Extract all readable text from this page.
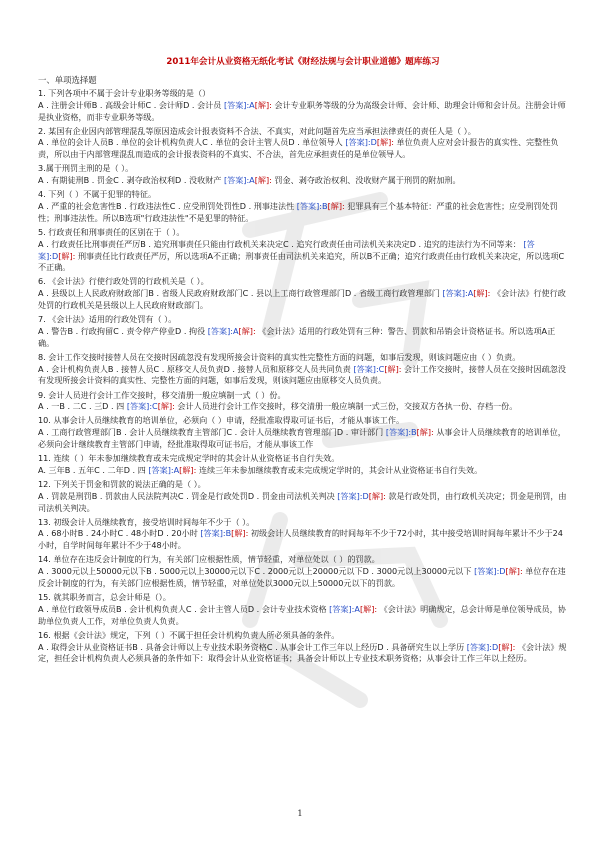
2011年会计从业资格无纸化考试《财经法规与会计职业道德》题库练习
一、单项选择题
1. 下列各项中不属于会计专业职务等级的是（）
A . 注册会计师B . 高级会计师C . 会计师D . 会计员 [答案]:A[解]: 会计专业职务等级的分为高级会计师、会计师、助理会计师和会计员。注册会计师是执业资格，而非专业职务等级。
2. 某国有企业因内部管理混乱等原因造成会计报表资料不合法、不真实，对此问题首先应当承担法律责任的责任人是（ ）。
A . 单位的会计人员B . 单位的会计机构负责人C . 单位的会计主管人员D . 单位领导人 [答案]:D[解]: 单位负责人应对会计报告的真实性、完整性负责，所以由于内部管理混乱而造成的会计报表资料的不真实、不合法，首先应承担责任的是单位领导人。
3.属于刑罚主刑的是（ ）。
A . 有期徒刑B . 罚金C . 剥夺政治权利D . 没收财产 [答案]:A[解]: 罚金、剥夺政治权利、没收财产属于刑罚的附加刑。
4. 下列（ ）不属于犯罪的特征。
A . 严重的社会危害性B . 行政违法性C . 应受刑罚处罚性D . 刑事违法性 [答案]:B[解]: 犯罪具有三个基本特征：严重的社会危害性；应受刑罚处罚性；刑事违法性。所以B选项"行政违法性"不是犯罪的特征。
5. 行政责任和刑事责任的区别在于（ ）。
A . 行政责任比刑事责任严厉B . 追究刑事责任只能由行政机关来决定C . 追究行政责任由司法机关来决定D . 追究的违法行为不同等来： [答案]:D[解]: 刑事责任比行政责任严厉，所以选项A不正确；刑事责任由司法机关来追究，所以B不正确；追究行政责任由行政机关来决定，所以选项C不正确。
6. 《会计法》行使行政处罚的行政机关是（ ）。
A . 县级以上人民政府财政部门B . 省级人民政府财政部门C . 县以上工商行政管理部门D . 省级工商行政管理部门 [答案]:A[解]: 《会计法》行使行政处罚的行政机关是县级以上人民政府财政部门。
7. 《会计法》适用的行政处罚有（ ）。
A . 警告B . 行政拘留C . 责令停产停业D . 拘役 [答案]:A[解]: 《会计法》适用的行政处罚有三种：警告、罚款和吊销会计资格证书。所以选项A正确。
8. 会计工作交接时接替人员在交接时因疏忽没有发现所接会计资料的真实性完整性方面的问题，如事后发现，则该问题应由（ ）负责。
A . 会计机构负责人B . 接替人员C . 原移交人员负责D . 接替人员和原移交人员共同负责 [答案]:C[解]: 会计工作交接时，接替人员在交接时因疏忽没有发现所接会计资料的真实性、完整性方面的问题，如事后发现，则该问题应由原移交人员负责。
9. 会计人员进行会计工作交接时，移交清册一般应填制一式（ ）份。
A . 一B . 二C . 三D . 四 [答案]:C[解]: 会计人员进行会计工作交接时，移交清册一般应填制一式三份，交接双方各执一份、存档一份。
10. 从事会计人员继续教育的培训单位，必须向（ ）申请，经批准取得取可证书后，才能从事该工作。
A . 工商行政管理部门B . 会计人员继续教育主管部门C . 会计人员继续教育管理部门D . 审计部门 [答案]:B[解]: 从事会计人员继续教育的培训单位，必须向会计继续教育主管部门申请，经批准取得取可证书后，才能从事该工作
11. 连续（ ）年未参加继续教育或未完成规定学时的其会计从业资格证书自行失效。
A. 三年B . 五年C . 二年D . 四 [答案]:A[解]: 连续三年未参加继续教育或未完成规定学时的，其会计从业资格证书自行失效。
12. 下列关于罚金和罚款的说法正确的是（ ）。
A . 罚款是刑罚B . 罚款由人民法院判决C . 罚金是行政处罚D . 罚金由司法机关判决 [答案]:D[解]: 款是行政处罚，由行政机关决定；罚金是刑罚，由司法机关判决。
13. 初级会计人员继续教育，接受培训时间每年不少于（ ）。
A . 68小时B . 24小时C . 48小时D . 20小时 [答案]:B[解]: 初级会计人员继续教育的时间每年不少于72小时，其中接受培训时间每年累计不少于24小时，自学时间每年累计不少于48小时。
14. 单位存在违反会计制度的行为，有关部门应根据性质，情节轻重，对单位处以（ ）的罚款。
A . 3000元以上50000元以下B . 5000元以上30000元以下C . 2000元以上20000元以下D . 3000元以上30000元以下 [答案]:D[解]: 单位存在违反会计制度的行为，有关部门应根据性质，情节轻重，对单位处以3000元以上50000元以下的罚款。
15. 就其职务而言，总会计师是（）。
A . 单位行政领导成员B . 会计机构负责人C . 会计主管人员D . 会计专业技术资格 [答案]:A[解]: 《会计法》明确规定，总会计师是单位领导成员，协助单位负责人工作，对单位负责人负责。
16. 根据《会计法》规定，下列（ ）不属于担任会计机构负责人所必须具备的条件。
A . 取得会计从业资格证书B . 具备会计师以上专业技术职务资格C . 从事会计工作三年以上经历D . 具备研究生以上学历 [答案]:D[解]: 《会计法》规定，担任会计机构负责人必须具备的条件如下：取得会计从业资格证书；具备会计师以上专业技术职务资格；从事会计工作三年以上经历。
1
